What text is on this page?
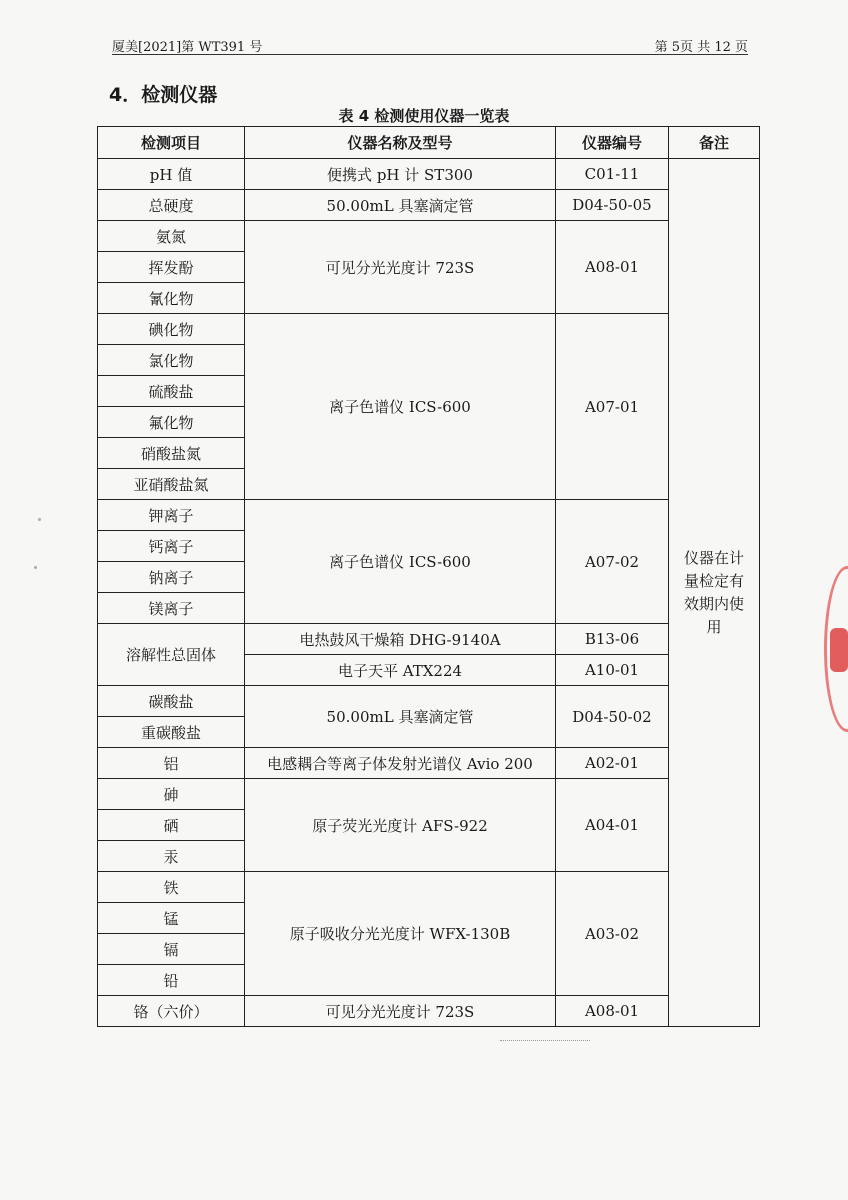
厦美[2021]第 WT391 号	第 5页 共 12 页
4．检测仪器
表 4 检测使用仪器一览表
检测项目	仪器名称及型号	仪器编号	备注
pH 值	便携式 pH 计 ST300	C01-11	仪器在计量检定有效期内使用
总硬度	50.00mL 具塞滴定管	D04-50-05	
氨氮	可见分光光度计 723S	A08-01	
挥发酚			
氰化物			
碘化物	离子色谱仪 ICS-600	A07-01	
氯化物			
硫酸盐			
氟化物			
硝酸盐氮			
亚硝酸盐氮			
钾离子	离子色谱仪 ICS-600	A07-02	
钙离子			
钠离子			
镁离子			
溶解性总固体	电热鼓风干燥箱 DHG-9140A	B13-06	
	电子天平 ATX224	A10-01	
碳酸盐	50.00mL 具塞滴定管	D04-50-02	
重碳酸盐			
铝	电感耦合等离子体发射光谱仪 Avio 200	A02-01	
砷	原子荧光光度计 AFS-922	A04-01	
硒			
汞			
铁	原子吸收分光光度计 WFX-130B	A03-02	
锰			
镉			
铅			
铬（六价）	可见分光光度计 723S	A08-01	
